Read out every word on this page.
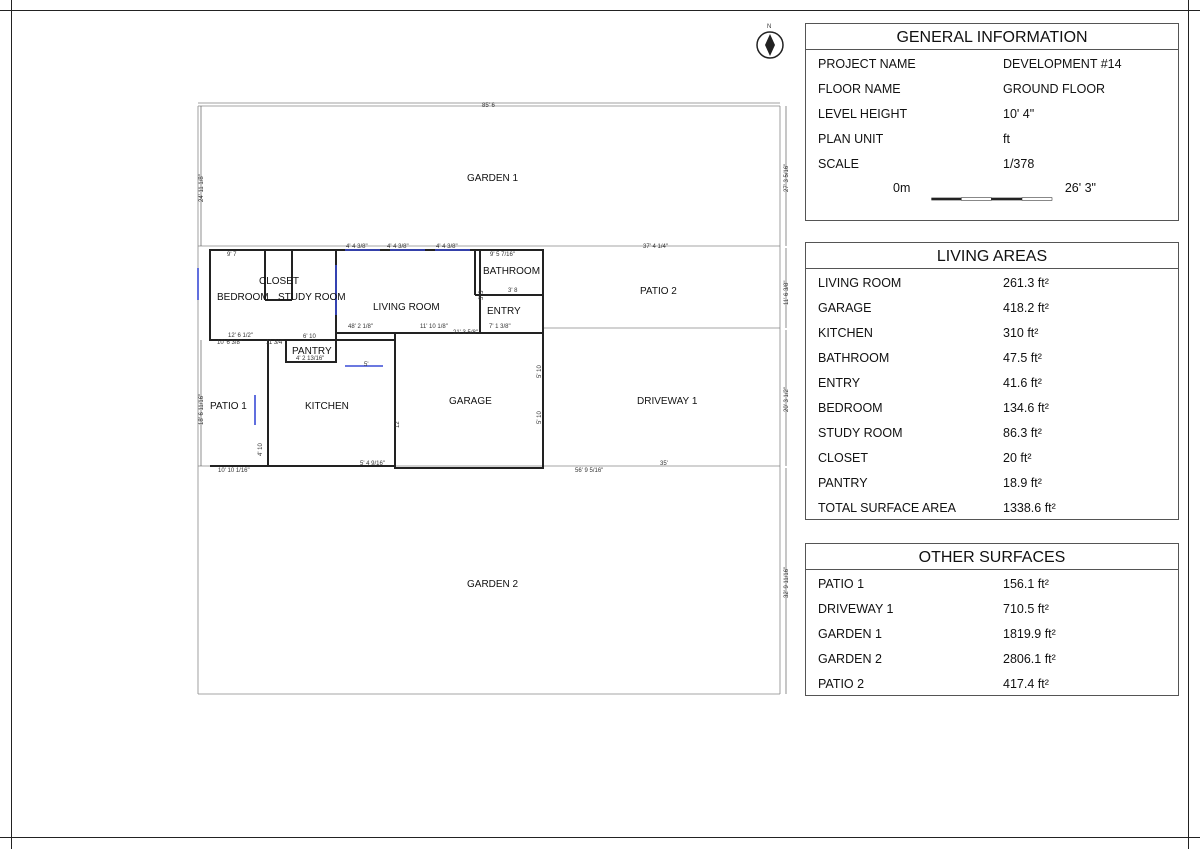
N
GARDEN 1
GARDEN 2
PATIO 1
PATIO 2
DRIVEWAY 1
GARAGE
KITCHEN
PANTRY
LIVING ROOM	ENTRY
BATHROOM
BEDROOM STUDY ROOM
CLOSET
85' 6
24' 11 1/8"	27' 3 5/16"
9' 7
4' 4 3/8"	4' 4 3/8"	4' 4 3/8"	37' 4 1/4"
9' 5 7/16"
11' 6 3/8"
48' 2 1/8"	11' 10 1/8"
21' 3 5/8"
7' 1 3/8"
12' 6 1/2"
10' 6 3/8"
6' 10
4' 2 13/16"
5'
11 3/4"
18' 6 11/16"
10' 10 1/16"
5' 4 9/16"
56' 9 5/16"
35'
20' 3 1/2"
32' 9 11/16"
5' 10
5' 10
12'
4' 10
3' 8
3' 3
GENERAL INFORMATION
PROJECT NAME	DEVELOPMENT #14
FLOOR NAME	GROUND FLOOR
LEVEL HEIGHT	10' 4"
PLAN UNIT	ft
SCALE	1/378
0m	26' 3"
LIVING AREAS
LIVING ROOM	261.3 ft²
GARAGE	418.2 ft²
KITCHEN	310 ft²
BATHROOM	47.5 ft²
ENTRY	41.6 ft²
BEDROOM	134.6 ft²
STUDY ROOM	86.3 ft²
CLOSET	20 ft²
PANTRY	18.9 ft²
TOTAL SURFACE AREA	1338.6 ft²
OTHER SURFACES
PATIO 1	156.1 ft²
DRIVEWAY 1	710.5 ft²
GARDEN 1	1819.9 ft²
GARDEN 2	2806.1 ft²
PATIO 2	417.4 ft²
